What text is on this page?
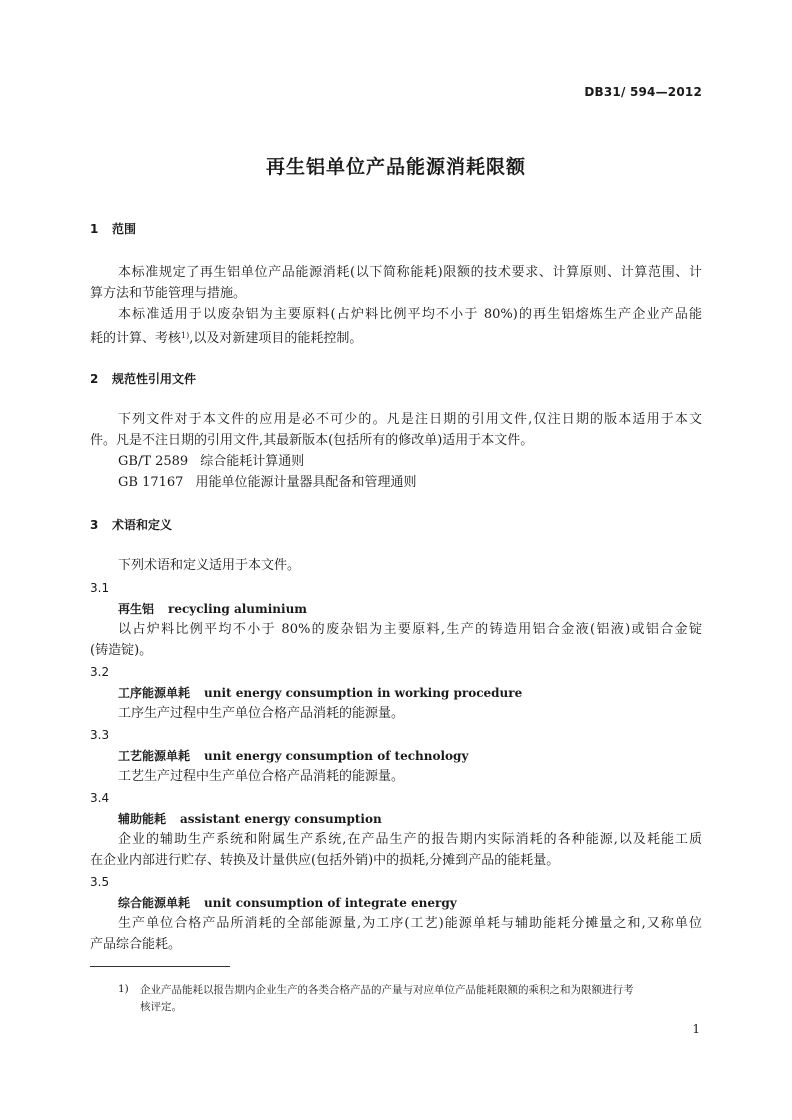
DB31/ 594—2012
再生铝单位产品能源消耗限额
1 范围
本标准规定了再生铝单位产品能源消耗(以下简称能耗)限额的技术要求、计算原则、计算范围、计
算方法和节能管理与措施。
本标准适用于以废杂铝为主要原料(占炉料比例平均不小于 80%)的再生铝熔炼生产企业产品能
耗的计算、考核$^{1)}$,以及对新建项目的能耗控制。
2 规范性引用文件
下列文件对于本文件的应用是必不可少的。凡是注日期的引用文件,仅注日期的版本适用于本文
件。凡是不注日期的引用文件,其最新版本(包括所有的修改单)适用于本文件。
GB/T 2589 综合能耗计算通则
GB 17167 用能单位能源计量器具配备和管理通则
3 术语和定义
下列术语和定义适用于本文件。
3.1
再生铝 recycling aluminium
以占炉料比例平均不小于 80%的废杂铝为主要原料,生产的铸造用铝合金液(铝液)或铝合金锭
(铸造锭)。
3.2
工序能源单耗 unit energy consumption in working procedure
工序生产过程中生产单位合格产品消耗的能源量。
3.3
工艺能源单耗 unit energy consumption of technology
工艺生产过程中生产单位合格产品消耗的能源量。
3.4
辅助能耗 assistant energy consumption
企业的辅助生产系统和附属生产系统,在产品生产的报告期内实际消耗的各种能源,以及耗能工质
在企业内部进行贮存、转换及计量供应(包括外销)中的损耗,分摊到产品的能耗量。
3.5
综合能源单耗 unit consumption of integrate energy
生产单位合格产品所消耗的全部能源量,为工序(工艺)能源单耗与辅助能耗分摊量之和,又称单位
产品综合能耗。
1) 企业产品能耗以报告期内企业生产的各类合格产品的产量与对应单位产品能耗限额的乘积之和为限额进行考
核评定。
1
